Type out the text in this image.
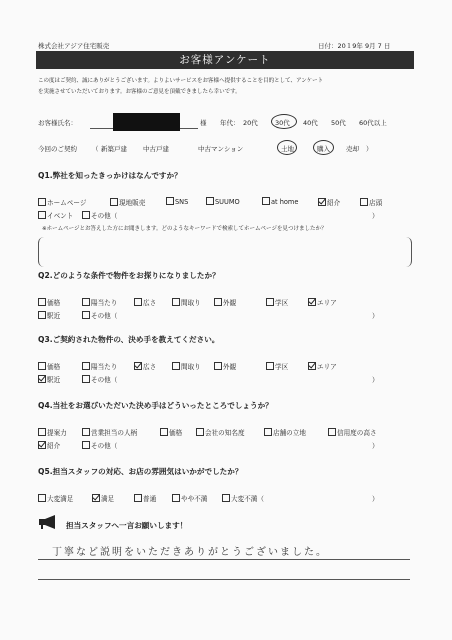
株式会社アジア住宅販売	日付：20１9年 9月 7 日
お客様アンケート
この度はご契約、誠にありがとうございます。よりよいサービスをお客様へ提供することを目的として、アンケート
を実施させていただいております。お客様のご意見を頂戴できましたら幸いです。
お客様氏名：	様 年代： 20代	30代 40代 50代 60代以上
今回のご契約 （ 新築戸建 中古戸建	中古マンション	土地	購入 売却 ）
Q1.弊社を知ったきっかけはなんですか？
ホームページ	現地販売	SNS	SUUMO	at home	紹介	店頭
イベント	その他（	）
※ホームページとお答えした方にお聞きします。どのようなキーワードで検索してホームページを見つけましたか？
Q2.どのような条件で物件をお探りになりましたか？
価格	陽当たり	広さ	間取り	外観	学区	エリア
駅近	その他（	）
Q3.ご契約された物件の、決め手を教えてください。
価格	陽当たり	広さ	間取り	外観	学区	エリア
駅近	その他（	）
Q4.当社をお選びいただいた決め手はどういったところでしょうか？
提案力	営業担当の人柄	価格	会社の知名度	店舗の立地	信用度の高さ
紹介	その他（	）
Q5.担当スタッフの対応、お店の雰囲気はいかがでしたか？
大変満足	満足	普通	やや不満	大変不満（	）
担当スタッフへ一言お願いします！
丁寧など説明をいただきありがとうございました。
